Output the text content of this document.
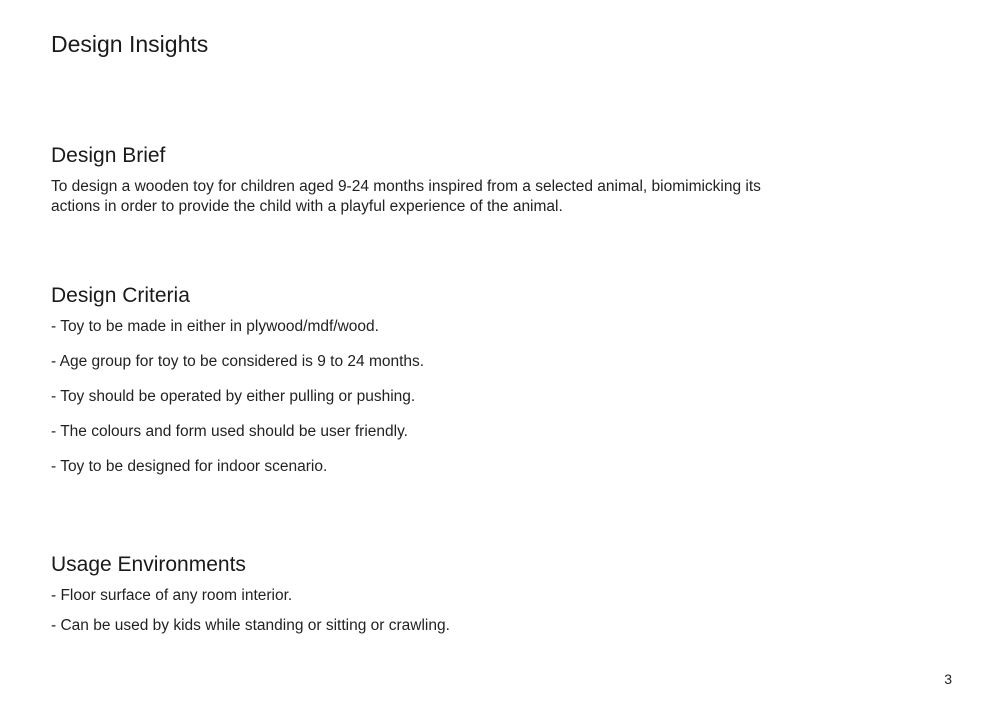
Design Insights
Design Brief

To design a wooden toy for children aged 9-24 months inspired from a selected animal, biomimicking its actions in order to provide the child with a playful experience of the animal.

Design Criteria
- Toy to be made in either in plywood/mdf/wood.
- Age group for toy to be considered is 9 to 24 months.
- Toy should be operated by either pulling or pushing.
- The colours and form used should be user friendly.
- Toy to be designed for indoor scenario.
Usage Environments
- Floor surface of any room interior.
- Can be used by kids while standing or sitting or crawling.

3
